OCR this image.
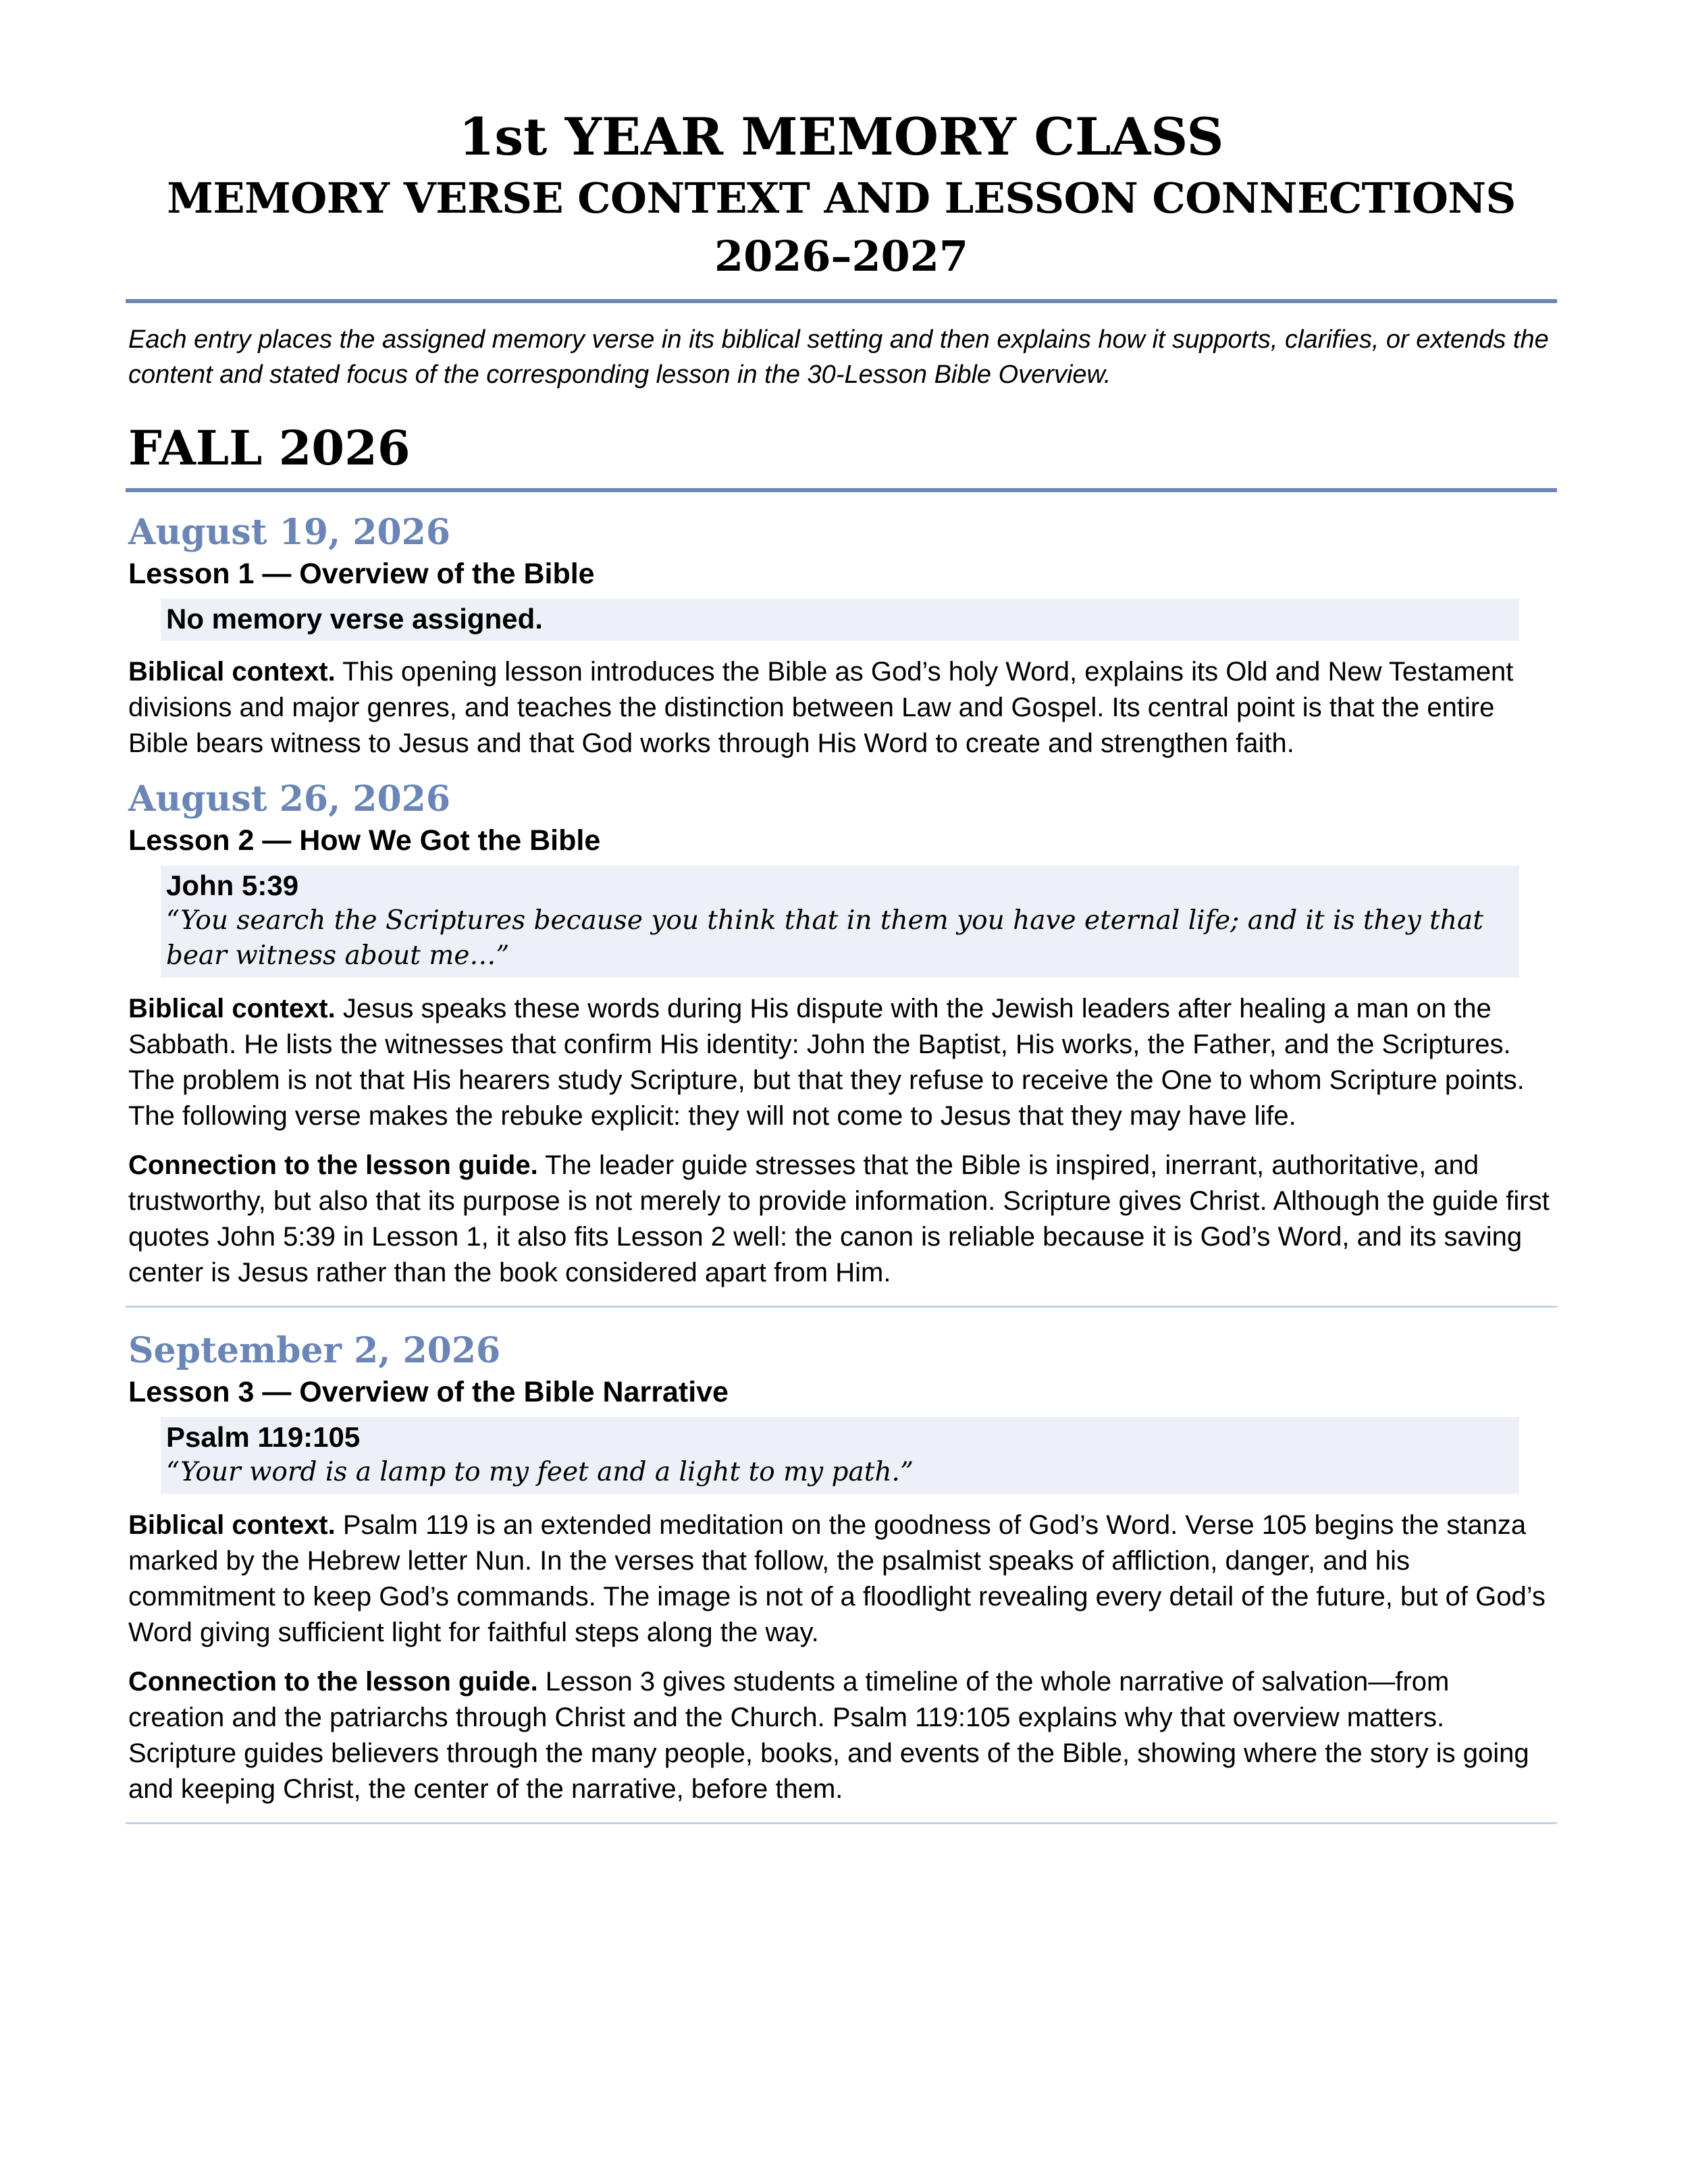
1st YEAR MEMORY CLASS
MEMORY VERSE CONTEXT AND LESSON CONNECTIONS
2026–2027
Each entry places the assigned memory verse in its biblical setting and then explains how it supports, clarifies, or extends the content and stated focus of the corresponding lesson in the 30-Lesson Bible Overview.
FALL 2026
August 19, 2026
Lesson 1 — Overview of the Bible
No memory verse assigned.
Biblical context. This opening lesson introduces the Bible as God’s holy Word, explains its Old and New Testament divisions and major genres, and teaches the distinction between Law and Gospel. Its central point is that the entire Bible bears witness to Jesus and that God works through His Word to create and strengthen faith.
August 26, 2026
Lesson 2 — How We Got the Bible
John 5:39
“You search the Scriptures because you think that in them you have eternal life; and it is they that bear witness about me…”
Biblical context. Jesus speaks these words during His dispute with the Jewish leaders after healing a man on the Sabbath. He lists the witnesses that confirm His identity: John the Baptist, His works, the Father, and the Scriptures. The problem is not that His hearers study Scripture, but that they refuse to receive the One to whom Scripture points. The following verse makes the rebuke explicit: they will not come to Jesus that they may have life.
Connection to the lesson guide. The leader guide stresses that the Bible is inspired, inerrant, authoritative, and trustworthy, but also that its purpose is not merely to provide information. Scripture gives Christ. Although the guide first quotes John 5:39 in Lesson 1, it also fits Lesson 2 well: the canon is reliable because it is God’s Word, and its saving center is Jesus rather than the book considered apart from Him.
September 2, 2026
Lesson 3 — Overview of the Bible Narrative
Psalm 119:105
“Your word is a lamp to my feet and a light to my path.”
Biblical context. Psalm 119 is an extended meditation on the goodness of God’s Word. Verse 105 begins the stanza marked by the Hebrew letter Nun. In the verses that follow, the psalmist speaks of affliction, danger, and his commitment to keep God’s commands. The image is not of a floodlight revealing every detail of the future, but of God’s Word giving sufficient light for faithful steps along the way.
Connection to the lesson guide. Lesson 3 gives students a timeline of the whole narrative of salvation—from creation and the patriarchs through Christ and the Church. Psalm 119:105 explains why that overview matters. Scripture guides believers through the many people, books, and events of the Bible, showing where the story is going and keeping Christ, the center of the narrative, before them.
